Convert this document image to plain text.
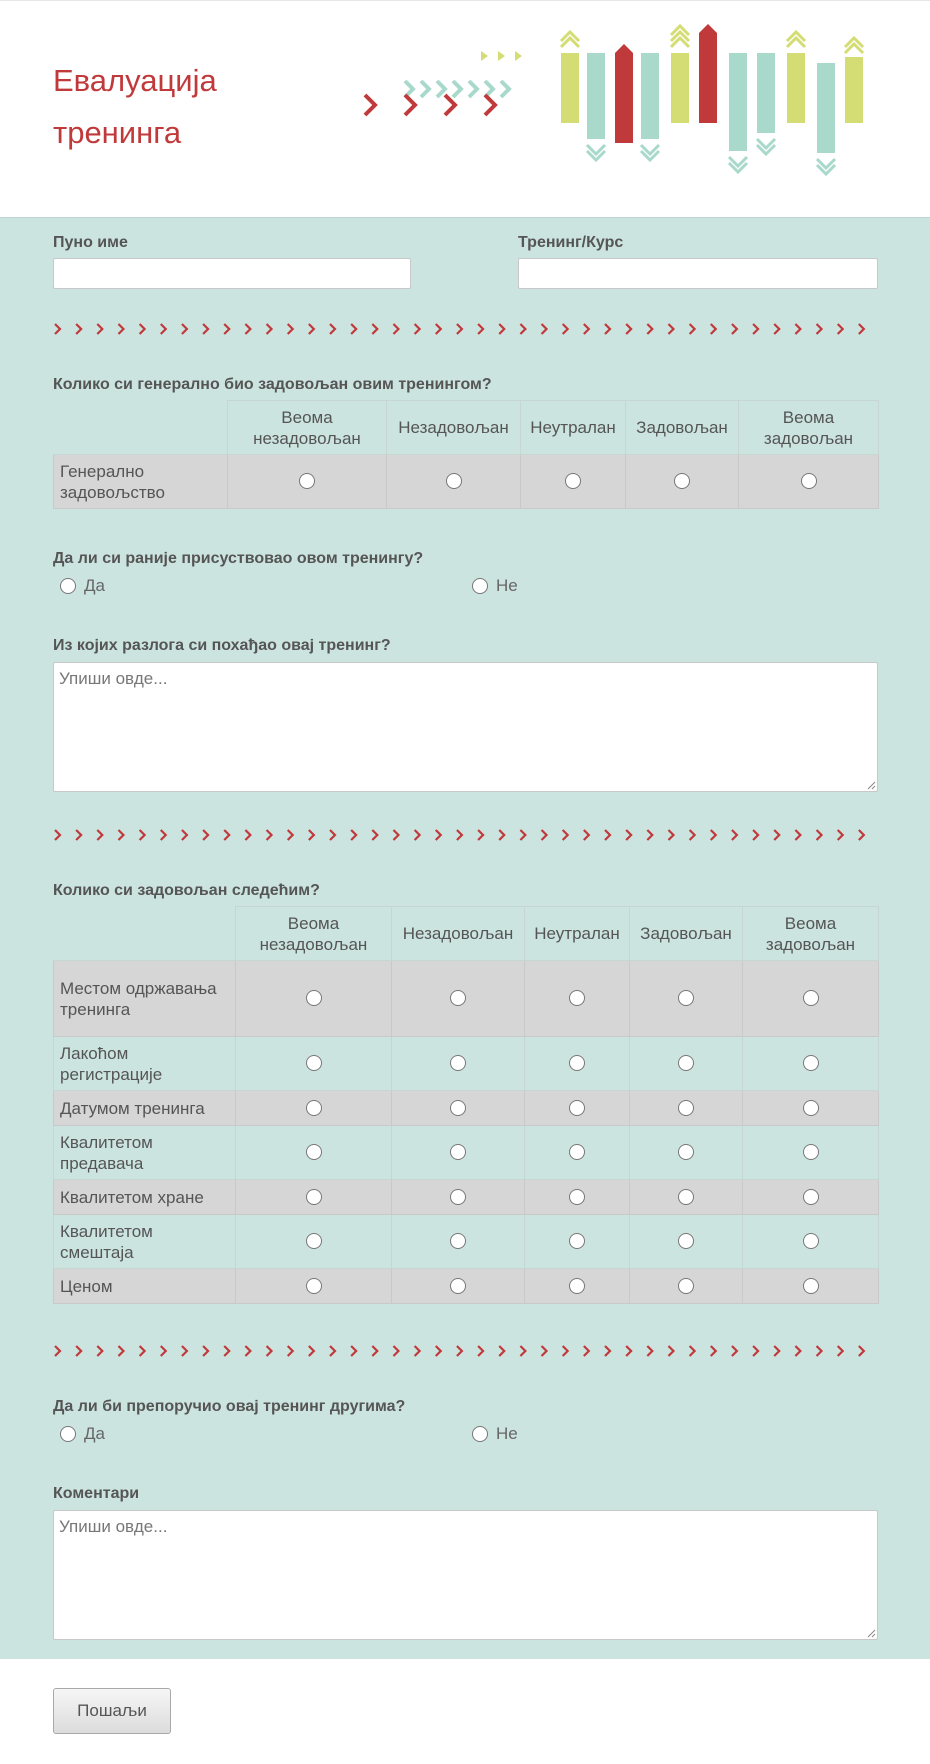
Евалуација тренинга
Пуно име	Тренинг/Курс
Колико си генерално био задовољан овим тренингом?
	Веома незадовољан	Незадовољан	Неутралан	Задовољан	Веома задовољан
Генерално задовољство					
Да ли си раније присуствовао овом тренингу?
Да	Не
Из којих разлога си похађао овај тренинг?
Упиши овде...
Колико си задовољан следећим?
	Веома незадовољан	Незадовољан	Неутралан	Задовољан	Веома задовољан
Местом одржавања тренинга					
Лакоћом регистрације					
Датумом тренинга					
Квалитетом предавача					
Квалитетом хране					
Квалитетом смештаја					
Ценом					
Да ли би препоручио овај тренинг другима?
Да	Не
Коментари
Упиши овде...
Пошаљи
